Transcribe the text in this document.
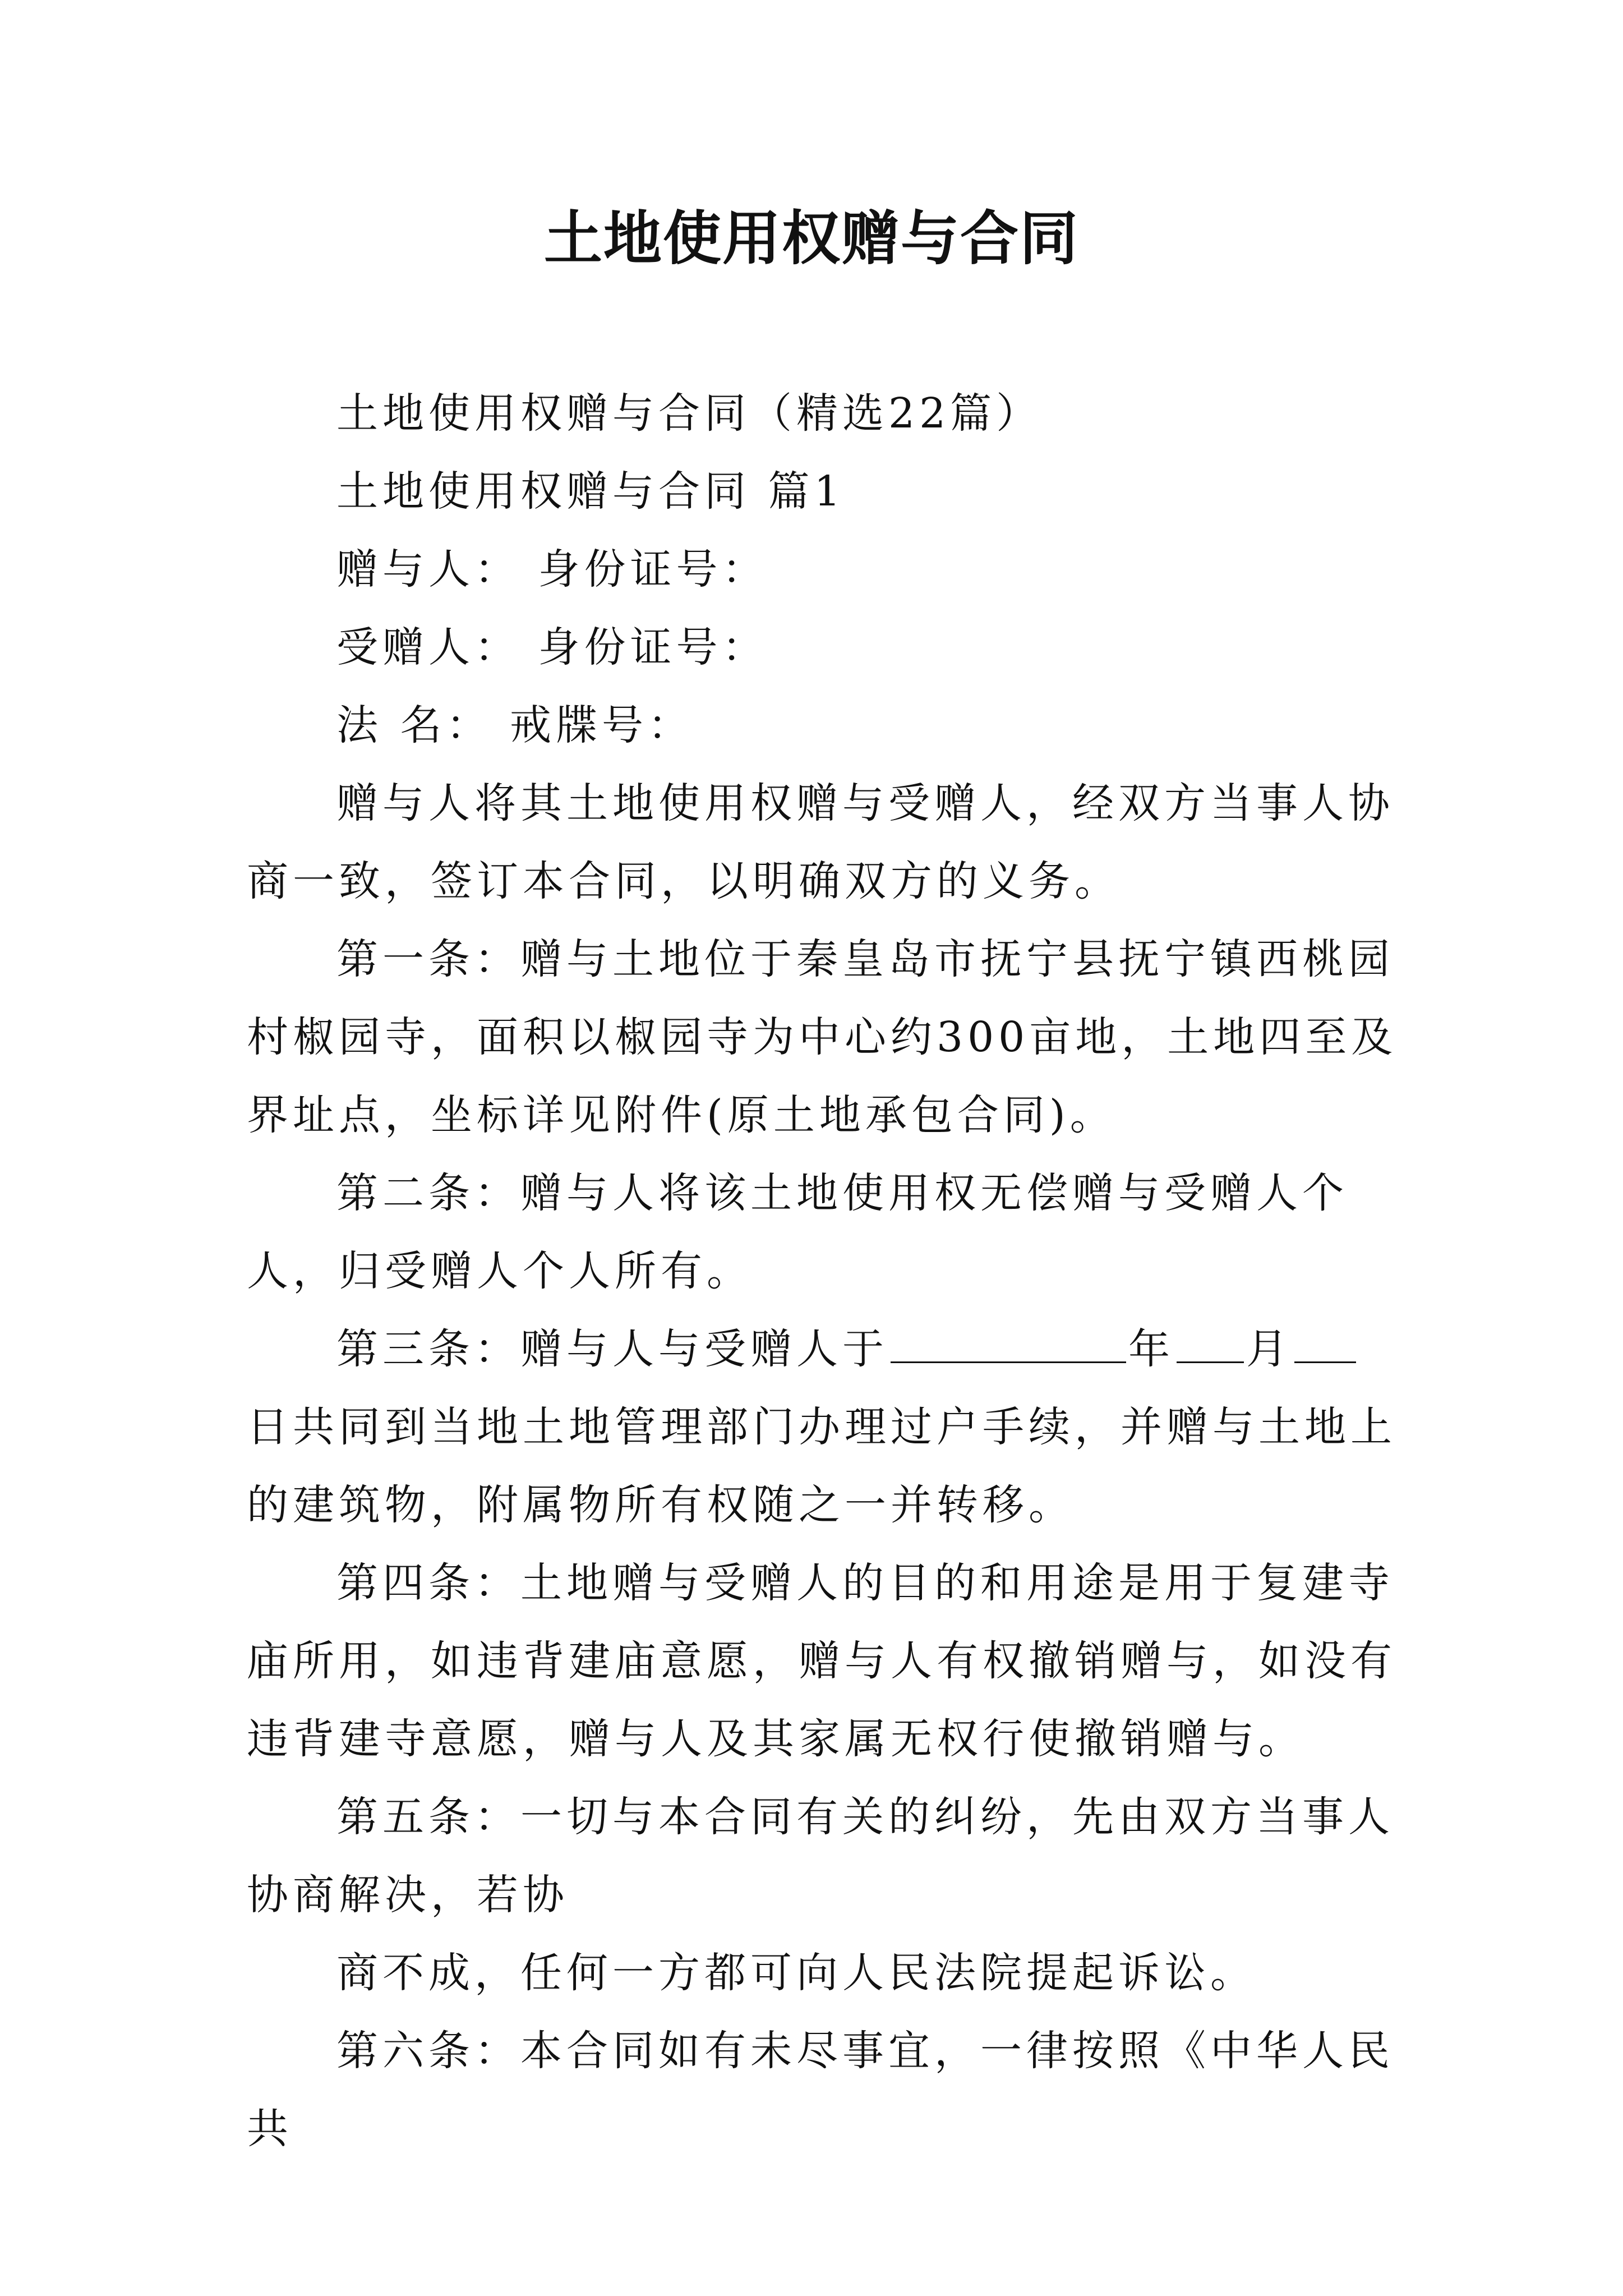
土地使用权赠与合同

土地使用权赠与合同（精选22篇）

土地使用权赠与合同 篇1

赠与人： 身份证号：

受赠人： 身份证号：

法 名： 戒牒号：

赠与人将其土地使用权赠与受赠人，经双方当事人协商一致，签订本合同，以明确双方的义务。

第一条：赠与土地位于秦皇岛市抚宁县抚宁镇西桃园村椒园寺，面积以椒园寺为中心约300亩地，土地四至及界址点，坐标详见附件(原土地承包合同)。

第二条：赠与人将该土地使用权无偿赠与受赠人个人，归受赠人个人所有。

第三条：赠与人与受赠人于	年 月日共同到当地土地管理部门办理过户手续，并赠与土地上的建筑物，附属物所有权随之一并转移。

第四条：土地赠与受赠人的目的和用途是用于复建寺庙所用，如违背建庙意愿，赠与人有权撤销赠与，如没有违背建寺意愿，赠与人及其家属无权行使撤销赠与。

第五条：一切与本合同有关的纠纷，先由双方当事人协商解决，若协

商不成，任何一方都可向人民法院提起诉讼。

第六条：本合同如有未尽事宜，一律按照《中华人民共
